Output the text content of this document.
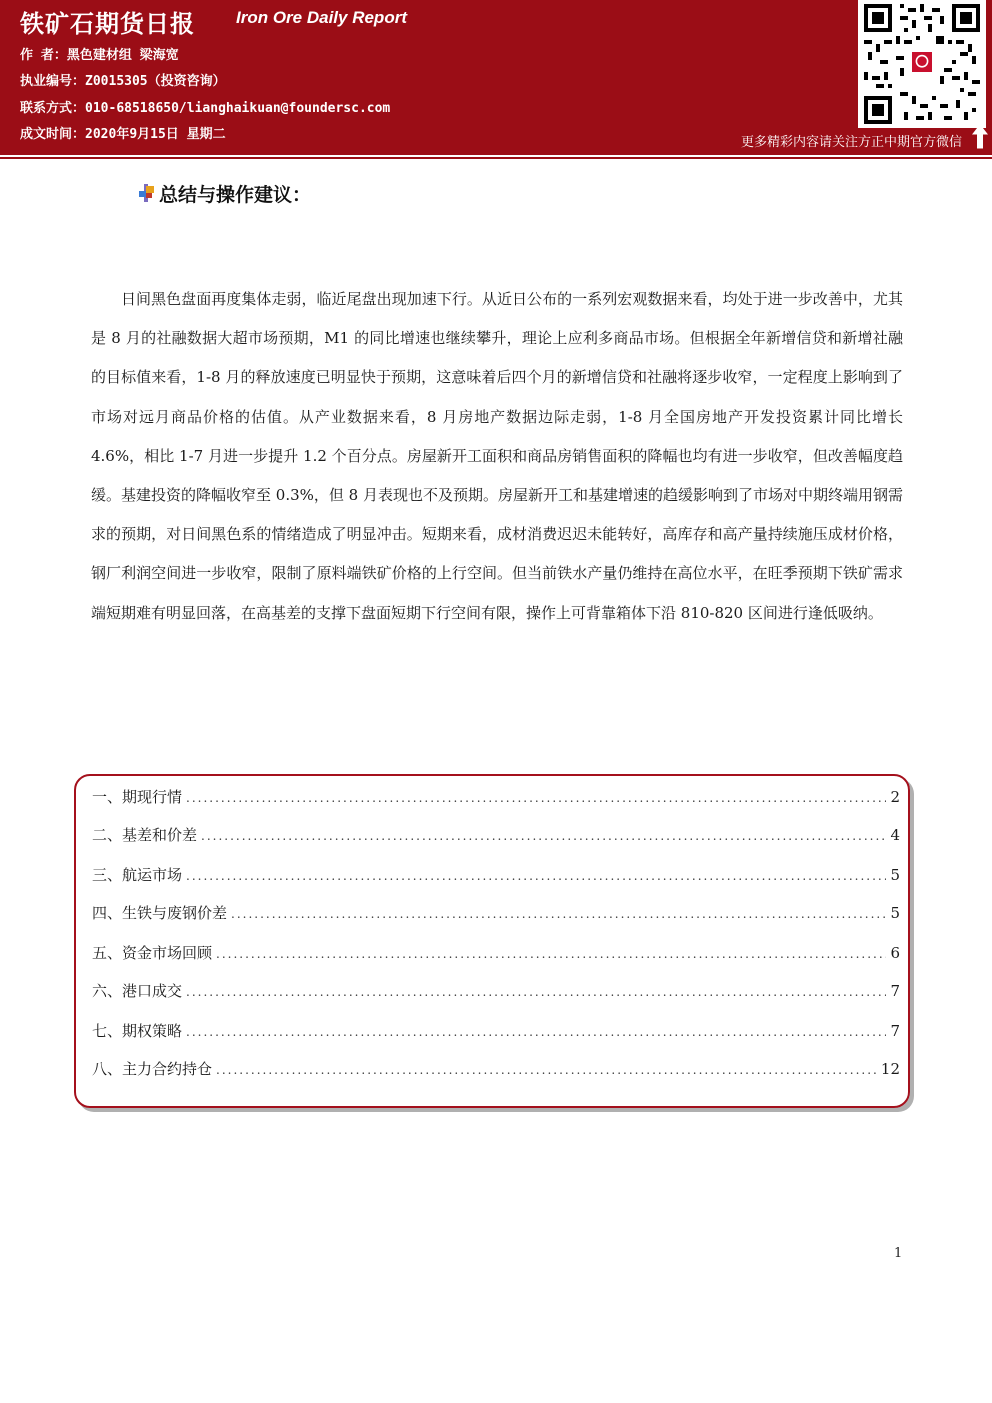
铁矿石期货日报 Iron Ore Daily Report
作 者：黑色建材组 梁海宽
执业编号：Z0015305（投资咨询）
联系方式：010-68518650/lianghaikuan@foundersc.com
成文时间：2020年9月15日 星期二
更多精彩内容请关注方正中期官方微信
总结与操作建议：

日间黑色盘面再度集体走弱，临近尾盘出现加速下行。从近日公布的一系列宏观数据来看，均处于进一步改善中，尤其是 8 月的社融数据大超市场预期，M1 的同比增速也继续攀升，理论上应利多商品市场。但根据全年新增信贷和新增社融的目标值来看，1-8 月的释放速度已明显快于预期，这意味着后四个月的新增信贷和社融将逐步收窄，一定程度上影响到了市场对远月商品价格的估值。从产业数据来看，8 月房地产数据边际走弱，1-8 月全国房地产开发投资累计同比增长 4.6%，相比 1-7 月进一步提升 1.2 个百分点。房屋新开工面积和商品房销售面积的降幅也均有进一步收窄，但改善幅度趋缓。基建投资的降幅收窄至 0.3%，但 8 月表现也不及预期。房屋新开工和基建增速的趋缓影响到了市场对中期终端用钢需求的预期，对日间黑色系的情绪造成了明显冲击。短期来看，成材消费迟迟未能转好，高库存和高产量持续施压成材价格，钢厂利润空间进一步收窄，限制了原料端铁矿价格的上行空间。但当前铁水产量仍维持在高位水平，在旺季预期下铁矿需求端短期难有明显回落，在高基差的支撑下盘面短期下行空间有限，操作上可背靠箱体下沿 810-820 区间进行逢低吸纳。

一、期现行情 .....	2
二、基差和价差 .....	4
三、航运市场 .....	5
四、生铁与废钢价差 .....	5
五、资金市场回顾 .....	6
六、港口成交 .....	7
七、期权策略 .....	7
八、主力合约持仓 .....	12
1
